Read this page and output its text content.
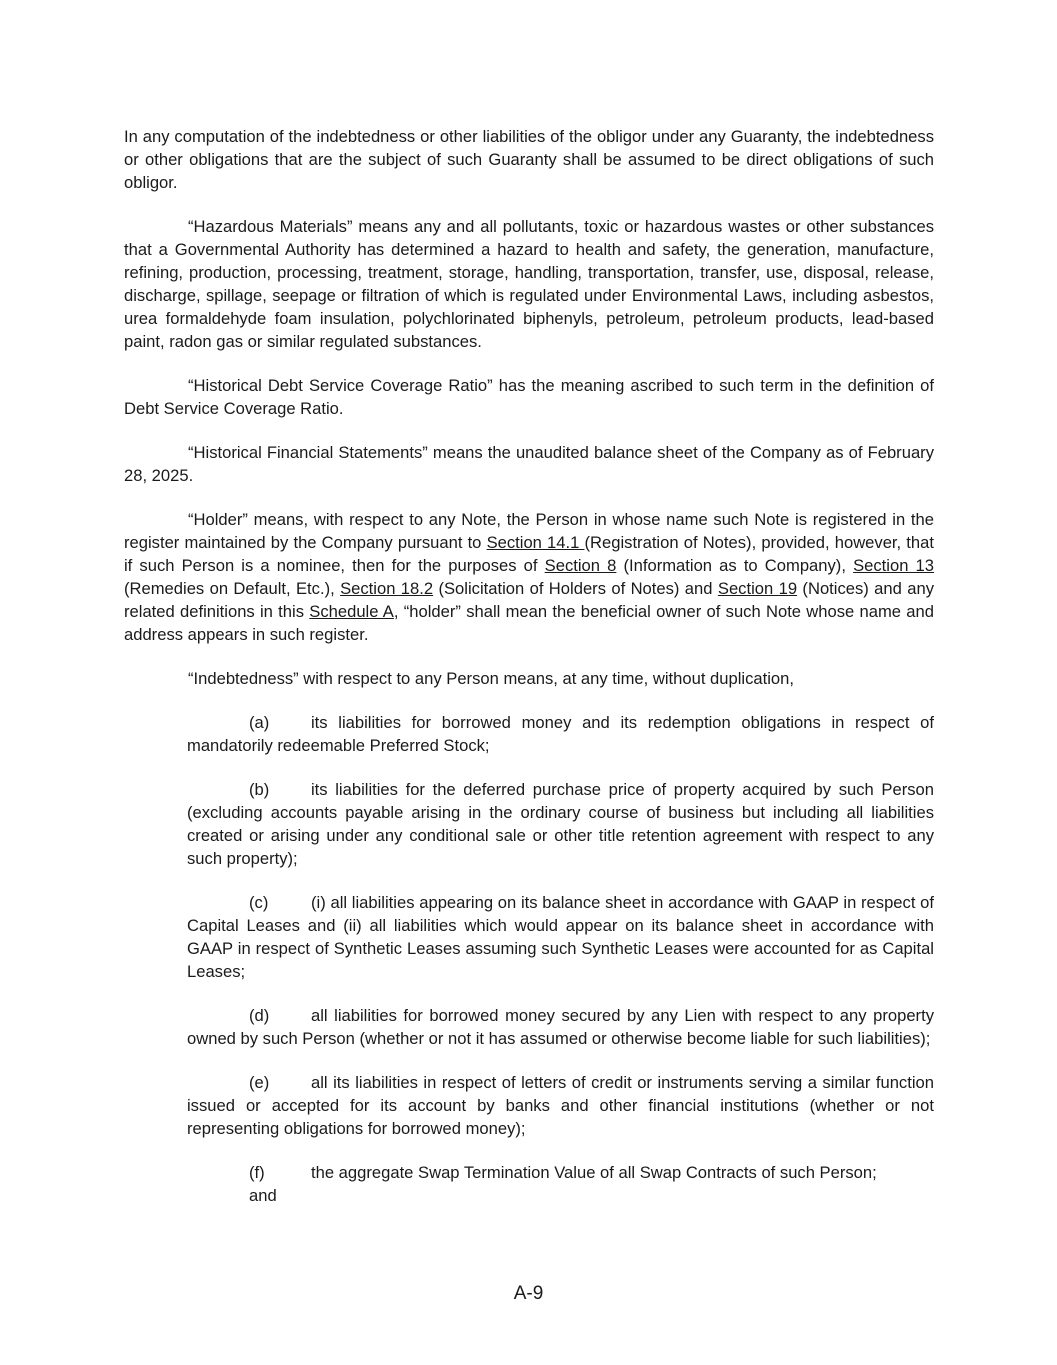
In any computation of the indebtedness or other liabilities of the obligor under any Guaranty, the indebtedness or other obligations that are the subject of such Guaranty shall be assumed to be direct obligations of such obligor.

“Hazardous Materials” means any and all pollutants, toxic or hazardous wastes or other substances that a Governmental Authority has determined a hazard to health and safety, the generation, manufacture, refining, production, processing, treatment, storage, handling, transportation, transfer, use, disposal, release, discharge, spillage, seepage or filtration of which is regulated under Environmental Laws, including asbestos, urea formaldehyde foam insulation, polychlorinated biphenyls, petroleum, petroleum products, lead-based paint, radon gas or similar regulated substances.

“Historical Debt Service Coverage Ratio” has the meaning ascribed to such term in the definition of Debt Service Coverage Ratio.

“Historical Financial Statements” means the unaudited balance sheet of the Company as of February 28, 2025.

“Holder” means, with respect to any Note, the Person in whose name such Note is registered in the register maintained by the Company pursuant to Section 14.1 (Registration of Notes), provided, however, that if such Person is a nominee, then for the purposes of Section 8 (Information as to Company), Section 13 (Remedies on Default, Etc.), Section 18.2 (Solicitation of Holders of Notes) and Section 19 (Notices) and any related definitions in this Schedule A, “holder” shall mean the beneficial owner of such Note whose name and address appears in such register.

“Indebtedness” with respect to any Person means, at any time, without duplication,

(a)	its liabilities for borrowed money and its redemption obligations in respect of mandatorily redeemable Preferred Stock;

(b)	its liabilities for the deferred purchase price of property acquired by such Person (excluding accounts payable arising in the ordinary course of business but including all liabilities created or arising under any conditional sale or other title retention agreement with respect to any such property);

(c)	(i) all liabilities appearing on its balance sheet in accordance with GAAP in respect of Capital Leases and (ii) all liabilities which would appear on its balance sheet in accordance with GAAP in respect of Synthetic Leases assuming such Synthetic Leases were accounted for as Capital Leases;

(d)	all liabilities for borrowed money secured by any Lien with respect to any property owned by such Person (whether or not it has assumed or otherwise become liable for such liabilities);

(e)	all its liabilities in respect of letters of credit or instruments serving a similar function issued or accepted for its account by banks and other financial institutions (whether or not representing obligations for borrowed money);

(f)	the aggregate Swap Termination Value of all Swap Contracts of such Person;
and

A-9
